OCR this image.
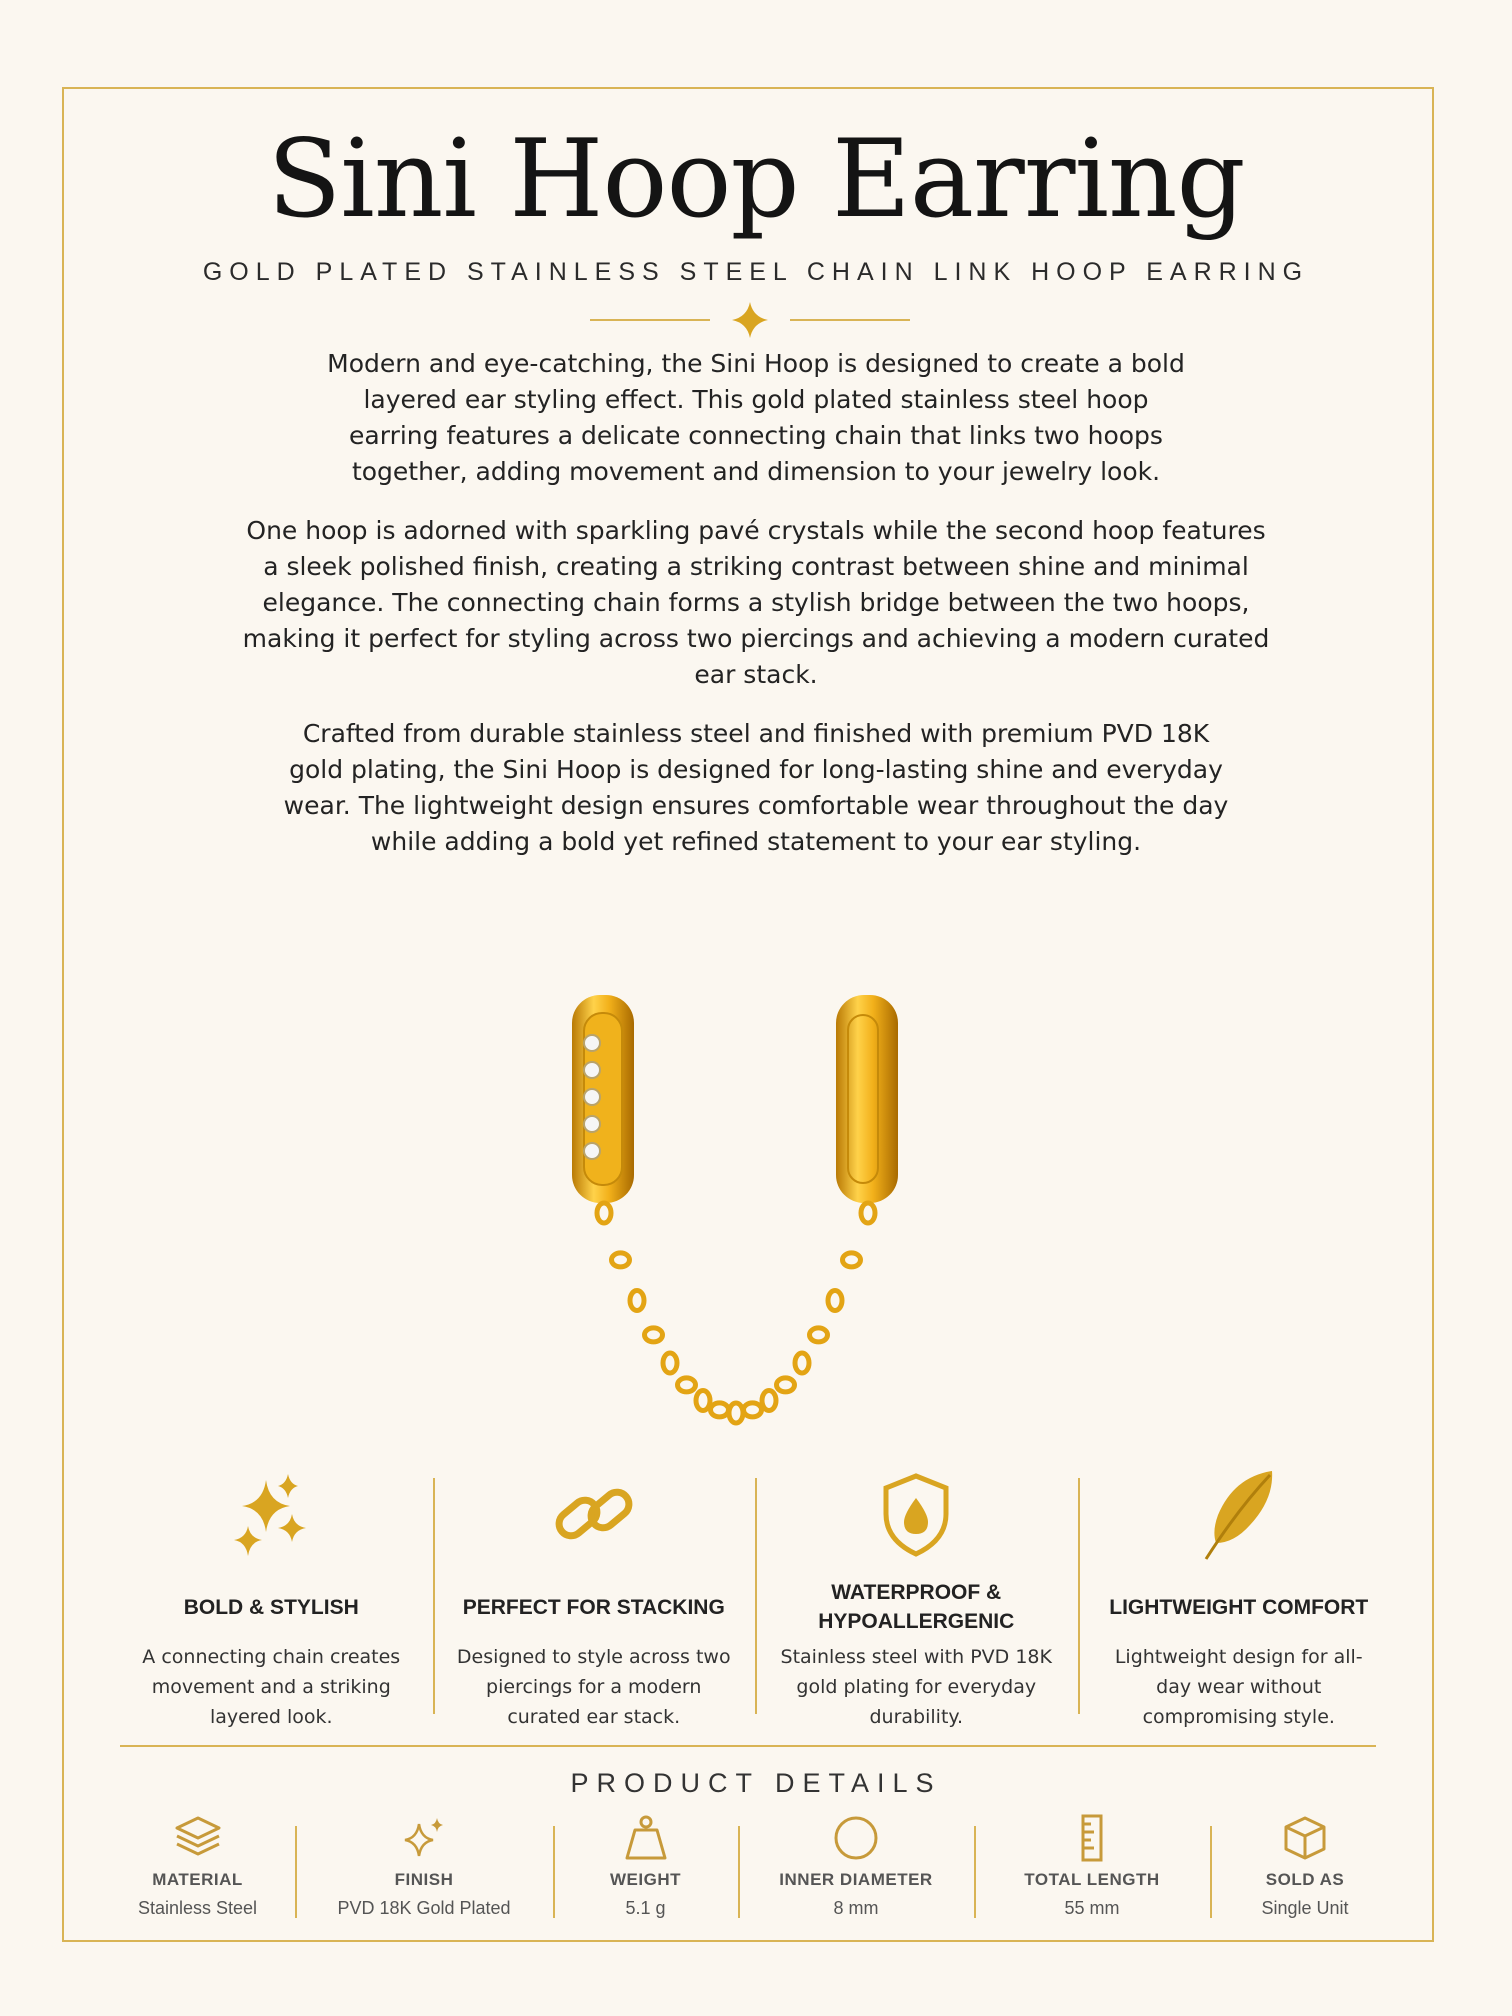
Sini Hoop Earring
GOLD PLATED STAINLESS STEEL CHAIN LINK HOOP EARRING

Modern and eye-catching, the Sini Hoop is designed to create a bold layered ear styling effect. This gold plated stainless steel hoop earring features a delicate connecting chain that links two hoops together, adding movement and dimension to your jewelry look.

One hoop is adorned with sparkling pavé crystals while the second hoop features a sleek polished finish, creating a striking contrast between shine and minimal elegance. The connecting chain forms a stylish bridge between the two hoops, making it perfect for styling across two piercings and achieving a modern curated ear stack.

Crafted from durable stainless steel and finished with premium PVD 18K gold plating, the Sini Hoop is designed for long-lasting shine and everyday wear. The lightweight design ensures comfortable wear throughout the day while adding a bold yet refined statement to your ear styling.

BOLD & STYLISH
A connecting chain creates movement and a striking layered look.
PERFECT FOR STACKING
Designed to style across two piercings for a modern curated ear stack.
WATERPROOF & HYPOALLERGENIC
Stainless steel with PVD 18K gold plating for everyday durability.
LIGHTWEIGHT COMFORT
Lightweight design for all-day wear without compromising style.
PRODUCT DETAILS
MATERIAL
Stainless Steel
FINISH
PVD 18K Gold Plated
WEIGHT
5.1 g
INNER DIAMETER
8 mm
TOTAL LENGTH
55 mm
SOLD AS
Single Unit
